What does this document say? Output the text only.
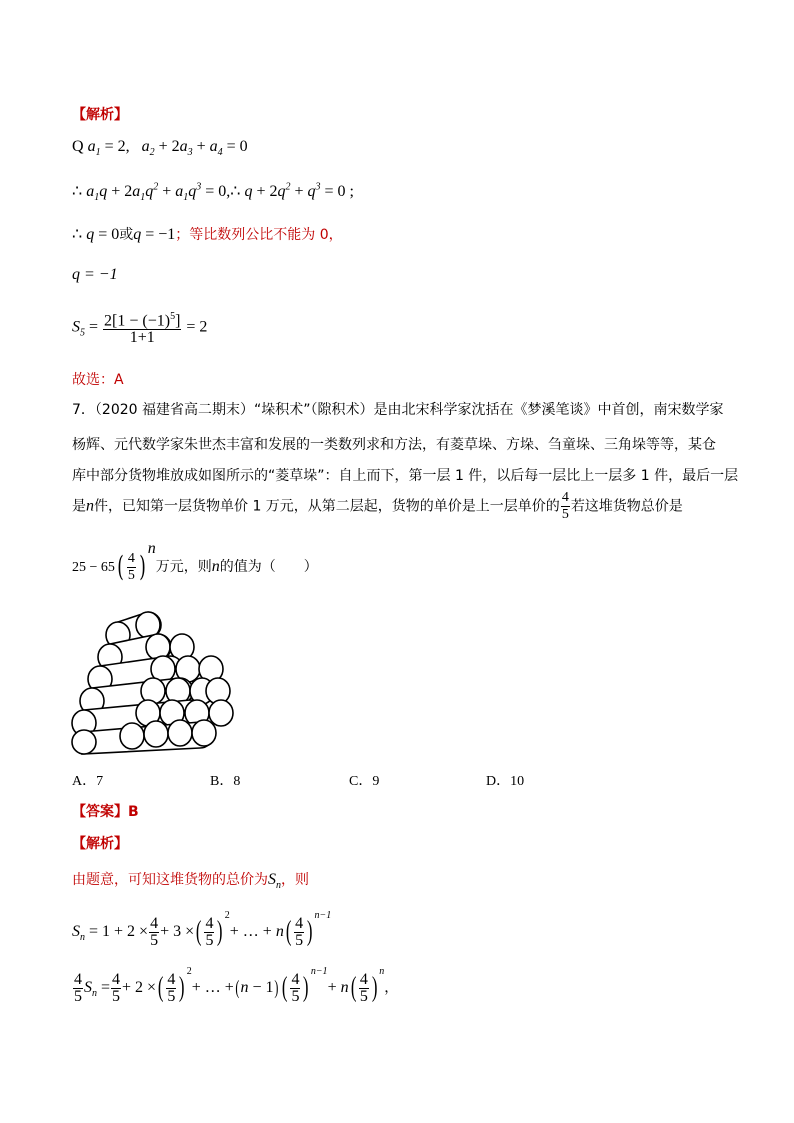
【解析】
Q $a_1 = 2$,   $a_2 + 2a_3 + a_4 = 0$
∴ $a_1q + 2a_1q^2 + a_1q^3$ = 0,∴ $q + 2q^2 + q^3 = 0$ ;
∴ q = 0或q = −1；等比数列公比不能为 0，
q = −1
$S_5 = \frac{2[1 - (-1)^5]}{1+1} = 2$
故选：A
7．（2020 福建省高二期末）“垛积术”（隙积术）是由北宋科学家沈括在《梦溪笔谈》中首创，南宋数学家
杨辉、元代数学家朱世杰丰富和发展的一类数列求和方法，有菱草垛、方垛、刍童垛、三角垛等等，某仓
库中部分货物堆放成如图所示的“菱草垛”：自上而下，第一层 1 件，以后每一层比上一层多 1 件，最后一层
是n件，已知第一层货物单价 1 万元，从第二层起，货物的单价是上一层单价的 $\frac{4}{5}$ 若这堆货物总价是
$25 - 65( \frac{4}{5} )^n$万元，则n的值为（　　）
A．7	B．8	C．9	D．10
【答案】B
【解析】
由题意，可知这堆货物的总价为$S_n$，则
$S_n = 1 + 2 \times \frac{4}{5} + 3$ ×( $\frac{4}{5} )^2+$ … + $n( \frac{4}{5} )^{n-1}$
$\frac{4}{5} S_n = \frac{4}{5} + 2$ ×( $\frac{4}{5} )^2+$ … +(n − 1) ( $\frac{4}{5} )^{n-1}+ n( \frac{4}{5} )^n$，
